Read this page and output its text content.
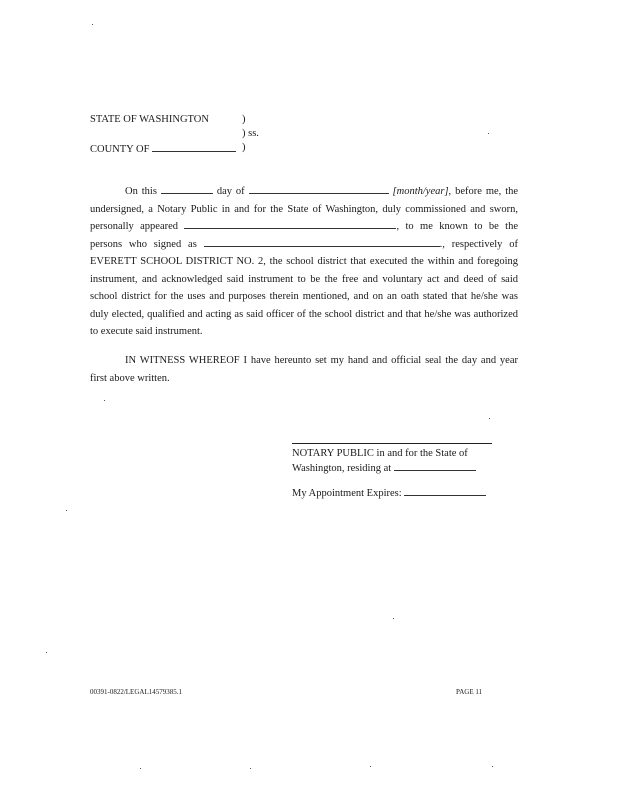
STATE OF WASHINGTON	)
) ss.
COUNTY OF	)

On this	day of	[month/year], before me, the undersigned, a Notary Public in and for the State of Washington, duly commissioned and sworn, personally appeared	, to me known to be the persons who signed as	., respectively of EVERETT SCHOOL DISTRICT NO. 2, the school district that executed the within and foregoing instrument, and acknowledged said instrument to be the free and voluntary act and deed of said school district for the uses and purposes therein mentioned, and on an oath stated that he/she was duly elected, qualified and acting as said officer of the school district and that he/she was authorized to execute said instrument.

IN WITNESS WHEREOF I have hereunto set my hand and official seal the day and year first above written.

NOTARY PUBLIC in and for the State of
Washington, residing at
My Appointment Expires:
00391-0822/LEGAL14579385.1	PAGE 11
